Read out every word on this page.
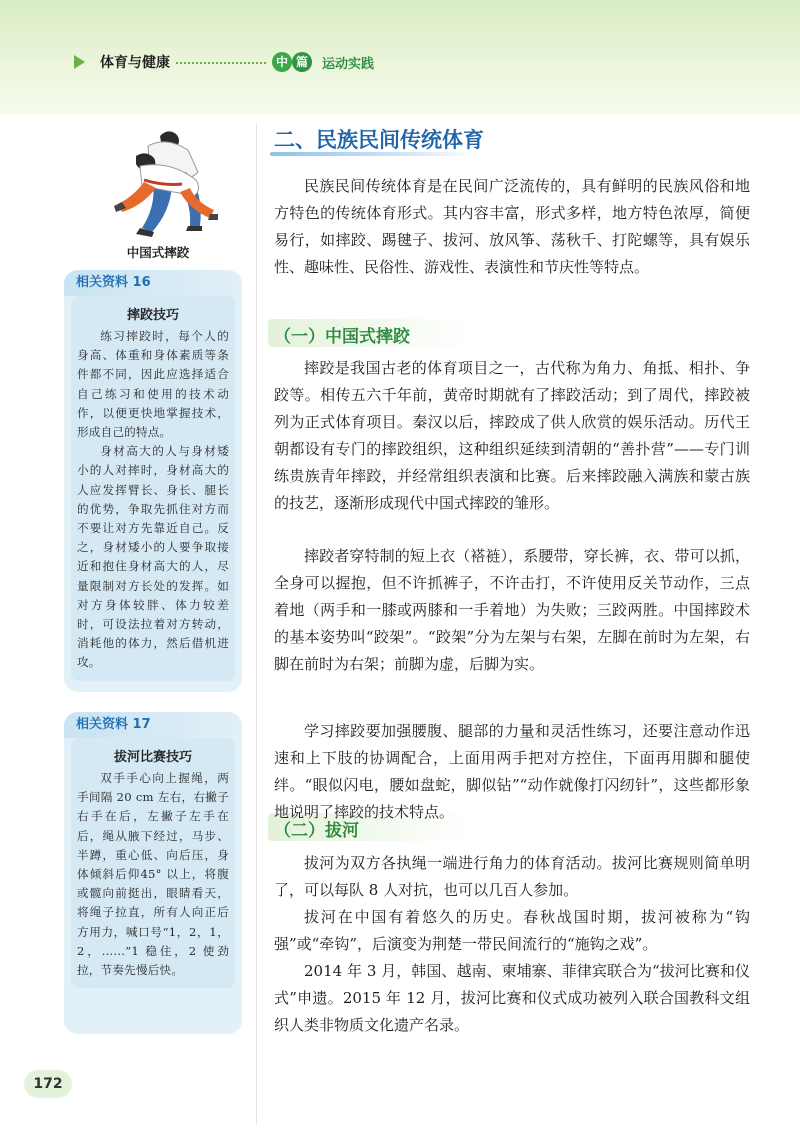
体育与健康	中 篇	运动实践
中国式摔跤
相关资料 16
摔跤技巧

练习摔跤时，每个人的身高、体重和身体素质等条件都不同，因此应选择适合自己练习和使用的技术动作，以便更快地掌握技术，形成自己的特点。

身材高大的人与身材矮小的人对摔时，身材高大的人应发挥臂长、身长、腿长的优势，争取先抓住对方而不要让对方先靠近自己。反之，身材矮小的人要争取接近和抱住身材高大的人，尽量限制对方长处的发挥。如对方身体较胖、体力较差时，可设法拉着对方转动，消耗他的体力，然后借机进攻。

相关资料 17
拔河比赛技巧

双手手心向上握绳，两手间隔 20 cm 左右，右撇子右手在后，左撇子左手在后，绳从腋下经过，马步、半蹲，重心低、向后压，身体倾斜后仰45° 以上，将腹或髋向前挺出，眼睛看天，将绳子拉直，所有人向正后方用力，喊口号“1，2，1，2，……”1 稳住，2 使劲拉，节奏先慢后快。

二、民族民间传统体育

民族民间传统体育是在民间广泛流传的，具有鲜明的民族风俗和地方特色的传统体育形式。其内容丰富，形式多样，地方特色浓厚，简便易行，如摔跤、踢毽子、拔河、放风筝、荡秋千、打陀螺等，具有娱乐性、趣味性、民俗性、游戏性、表演性和节庆性等特点。

（一）中国式摔跤

摔跤是我国古老的体育项目之一，古代称为角力、角抵、相扑、争跤等。相传五六千年前，黄帝时期就有了摔跤活动；到了周代，摔跤被列为正式体育项目。秦汉以后，摔跤成了供人欣赏的娱乐活动。历代王朝都设有专门的摔跤组织，这种组织延续到清朝的“善扑营”——专门训练贵族青年摔跤，并经常组织表演和比赛。后来摔跤融入满族和蒙古族的技艺，逐渐形成现代中国式摔跤的雏形。

摔跤者穿特制的短上衣（褡裢），系腰带，穿长裤，衣、带可以抓，全身可以握抱，但不许抓裤子，不许击打，不许使用反关节动作，三点着地（两手和一膝或两膝和一手着地）为失败；三跤两胜。中国摔跤术的基本姿势叫“跤架”。“跤架”分为左架与右架，左脚在前时为左架，右脚在前时为右架；前脚为虚，后脚为实。

学习摔跤要加强腰腹、腿部的力量和灵活性练习，还要注意动作迅速和上下肢的协调配合，上面用两手把对方控住，下面再用脚和腿使绊。“眼似闪电，腰如盘蛇，脚似钻”“动作就像打闪纫针”，这些都形象地说明了摔跤的技术特点。

（二）拔河

拔河为双方各执绳一端进行角力的体育活动。拔河比赛规则简单明了，可以每队 8 人对抗，也可以几百人参加。

拔河在中国有着悠久的历史。春秋战国时期，拔河被称为“钩强”或“牵钩”，后演变为荆楚一带民间流行的“施钩之戏”。

2014 年 3 月，韩国、越南、柬埔寨、菲律宾联合为“拔河比赛和仪式”申遗。2015 年 12 月，拔河比赛和仪式成功被列入联合国教科文组织人类非物质文化遗产名录。

172
